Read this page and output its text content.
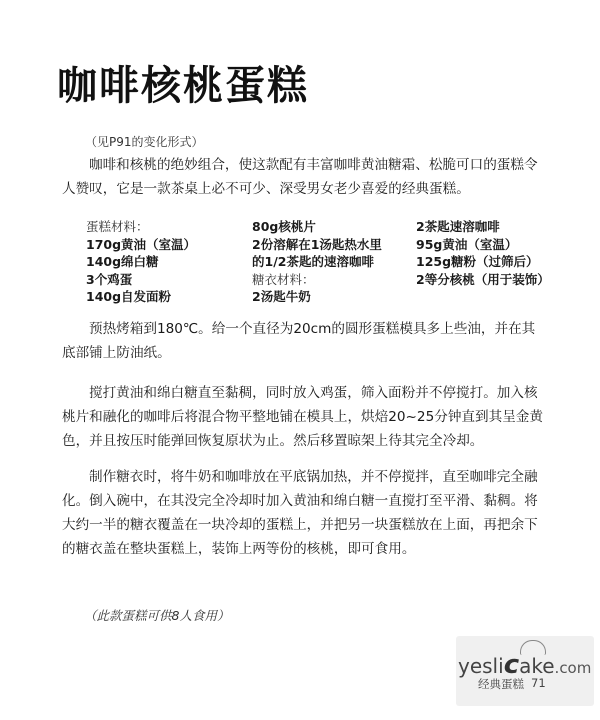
咖啡核桃蛋糕
（见P91的变化形式）

咖啡和核桃的绝妙组合，使这款配有丰富咖啡黄油糖霜、松脆可口的蛋糕令人赞叹，它是一款茶桌上必不可少、深受男女老少喜爱的经典蛋糕。

蛋糕材料：
170g黄油（室温）
140g绵白糖
3个鸡蛋
140g自发面粉
80g核桃片
2份溶解在1汤匙热水里
的1/2茶匙的速溶咖啡
糖衣材料：
2汤匙牛奶
2茶匙速溶咖啡
95g黄油（室温）
125g糖粉（过筛后）
2等分核桃（用于装饰）

预热烤箱到180℃。给一个直径为20cm的圆形蛋糕模具多上些油，并在其底部铺上防油纸。

搅打黄油和绵白糖直至黏稠，同时放入鸡蛋，筛入面粉并不停搅打。加入核桃片和融化的咖啡后将混合物平整地铺在模具上，烘焙20~25分钟直到其呈金黄色，并且按压时能弹回恢复原状为止。然后移置晾架上待其完全冷却。

制作糖衣时，将牛奶和咖啡放在平底锅加热，并不停搅拌，直至咖啡完全融化。倒入碗中，在其没完全冷却时加入黄油和绵白糖一直搅打至平滑、黏稠。将大约一半的糖衣覆盖在一块冷却的蛋糕上，并把另一块蛋糕放在上面，再把余下的糖衣盖在整块蛋糕上，装饰上两等份的核桃，即可食用。

（此款蛋糕可供8人食用）
yeslicake.com
经典蛋糕 71
